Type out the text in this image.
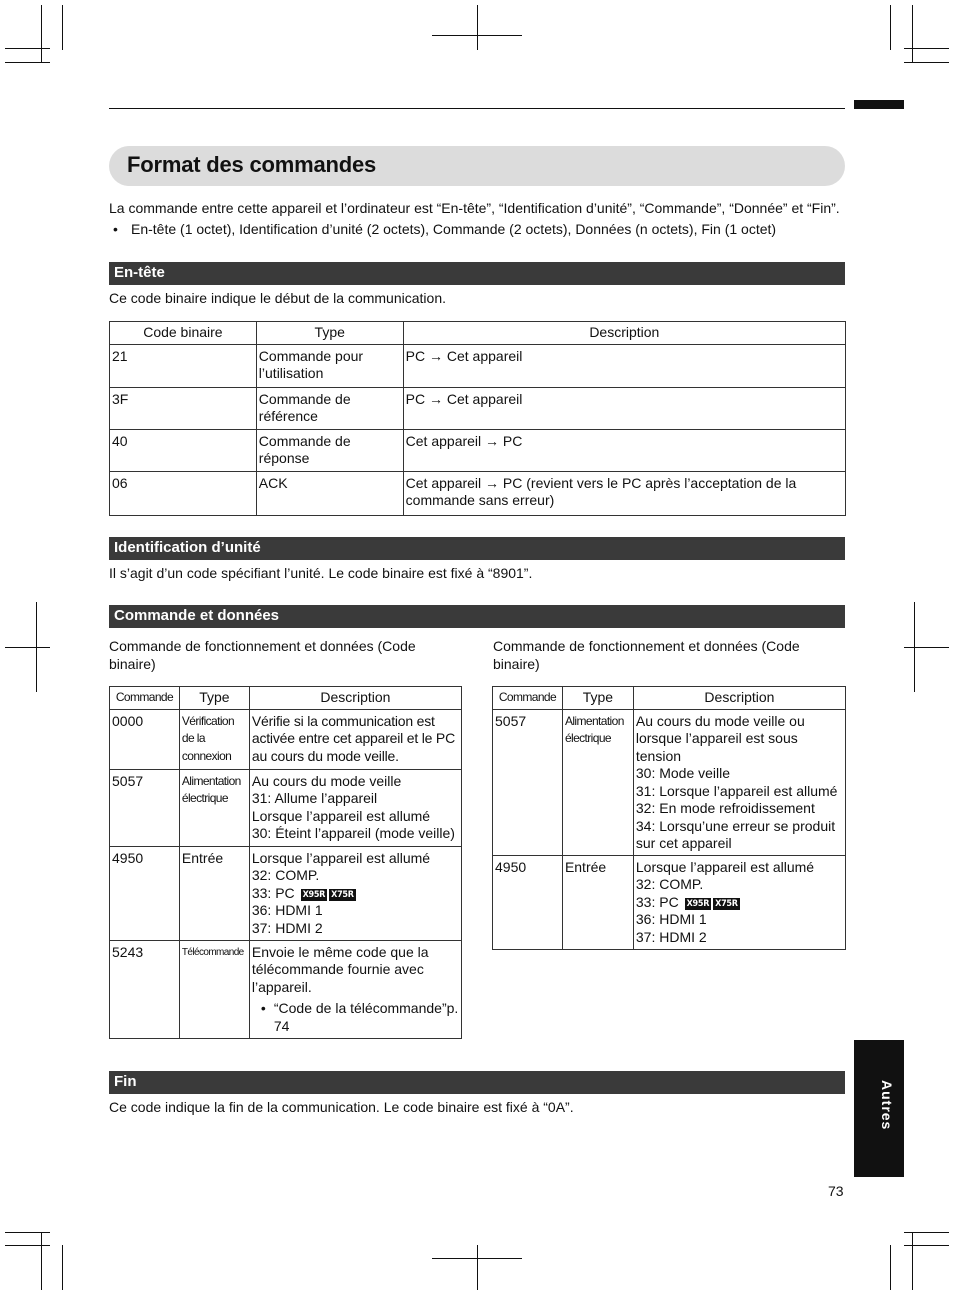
Format des commandes
La commande entre cette appareil et l’ordinateur est “En-tête”, “Identification d’unité”, “Commande”, “Donnée” et “Fin”.
• En-tête (1 octet), Identification d’unité (2 octets), Commande (2 octets), Données (n octets), Fin (1 octet)
En-tête
Ce code binaire indique le début de la communication.
Code binaire	Type	Description
21	Commande pour l’utilisation	PC → Cet appareil
3F	Commande de référence	PC → Cet appareil
40	Commande de réponse	Cet appareil → PC
06	ACK	Cet appareil → PC (revient vers le PC après l’acceptation de la commande sans erreur)
Identification d’unité
Il s’agit d’un code spécifiant l’unité. Le code binaire est fixé à “8901”.
Commande et données
Commande de fonctionnement et données (Code binaire)
Commande de fonctionnement et données (Code binaire)
Commande	Type	Description
0000	Vérification de la connexion	Vérifie si la communication est activée entre cet appareil et le PC au cours du mode veille.
5057	Alimentation électrique	Au cours du mode veille
31: Allume l’appareil
Lorsque l’appareil est allumé
30: Éteint l’appareil (mode veille)

4950	Entrée	Lorsque l’appareil est allumé
32: COMP.
33: PC X95R X75R
36: HDMI 1
37: HDMI 2

5243	Télécommande	Envoie le même code que la télécommande fournie avec l’appareil.
• “Code de la télécommande”p. 74
Commande	Type	Description
5057	Alimentation électrique	Au cours du mode veille ou lorsque l’appareil est sous tension
30: Mode veille
31: Lorsque l’appareil est allumé
32: En mode refroidissement
34: Lorsqu’une erreur se produit sur cet appareil

4950	Entrée	Lorsque l’appareil est allumé
32: COMP.
33: PC X95R X75R
36: HDMI 1
37: HDMI 2
Fin
Ce code indique la fin de la communication. Le code binaire est fixé à “0A”.	Autres
73
